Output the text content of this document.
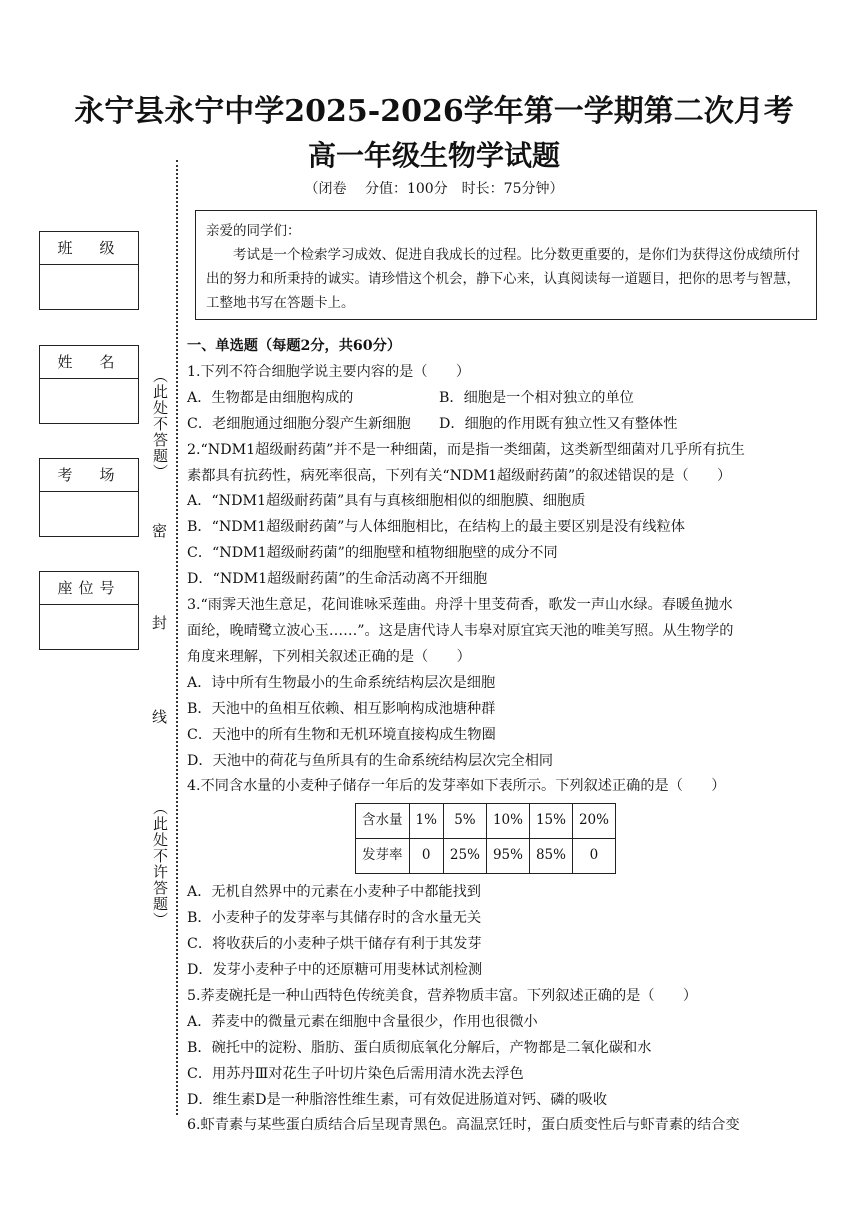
永宁县永宁中学2025-2026学年第一学期第二次月考
高一年级生物学试题
（闭卷　 分值：100分　时长：75分钟）
亲爱的同学们：
考试是一个检索学习成效、促进自我成长的过程。比分数更重要的，是你们为获得这份成绩所付出的努力和所秉持的诚实。请珍惜这个机会，静下心来，认真阅读每一道题目，把你的思考与智慧，工整地书写在答题卡上。
班　级
姓　名
考　场
座位号
（此处不答题）
密
封
线
（此处不许答题）
一、单选题（每题2分，共60分）
1.下列不符合细胞学说主要内容的是（　　）
A．生物都是由细胞构成的	B．细胞是一个相对独立的单位
C．老细胞通过细胞分裂产生新细胞	D．细胞的作用既有独立性又有整体性
2.“NDM1超级耐药菌”并不是一种细菌，而是指一类细菌，这类新型细菌对几乎所有抗生
素都具有抗药性，病死率很高，下列有关“NDM1超级耐药菌”的叙述错误的是（　　）
A．“NDM1超级耐药菌”具有与真核细胞相似的细胞膜、细胞质
B．“NDM1超级耐药菌”与人体细胞相比，在结构上的最主要区别是没有线粒体
C．“NDM1超级耐药菌”的细胞壁和植物细胞壁的成分不同
D．“NDM1超级耐药菌”的生命活动离不开细胞
3.“雨霁天池生意足，花间谁咏采莲曲。舟浮十里芰荷香，歌发一声山水绿。春暖鱼抛水
面纶，晚晴鹭立波心玉……”。这是唐代诗人韦皋对原宜宾天池的唯美写照。从生物学的
角度来理解，下列相关叙述正确的是（　　）
A．诗中所有生物最小的生命系统结构层次是细胞
B．天池中的鱼相互依赖、相互影响构成池塘种群
C．天池中的所有生物和无机环境直接构成生物圈
D．天池中的荷花与鱼所具有的生命系统结构层次完全相同
4.不同含水量的小麦种子储存一年后的发芽率如下表所示。下列叙述正确的是（　　）
含水量	1%	5%	10%	15%	20%
发芽率	0	25%	95%	85%	0
A．无机自然界中的元素在小麦种子中都能找到
B．小麦种子的发芽率与其储存时的含水量无关
C．将收获后的小麦种子烘干储存有利于其发芽
D．发芽小麦种子中的还原糖可用斐林试剂检测
5.荞麦碗托是一种山西特色传统美食，营养物质丰富。下列叙述正确的是（　　）
A．荞麦中的微量元素在细胞中含量很少，作用也很微小
B．碗托中的淀粉、脂肪、蛋白质彻底氧化分解后，产物都是二氧化碳和水
C．用苏丹Ⅲ对花生子叶切片染色后需用清水洗去浮色
D．维生素D是一种脂溶性维生素，可有效促进肠道对钙、磷的吸收
6.虾青素与某些蛋白质结合后呈现青黑色。高温烹饪时，蛋白质变性后与虾青素的结合变
